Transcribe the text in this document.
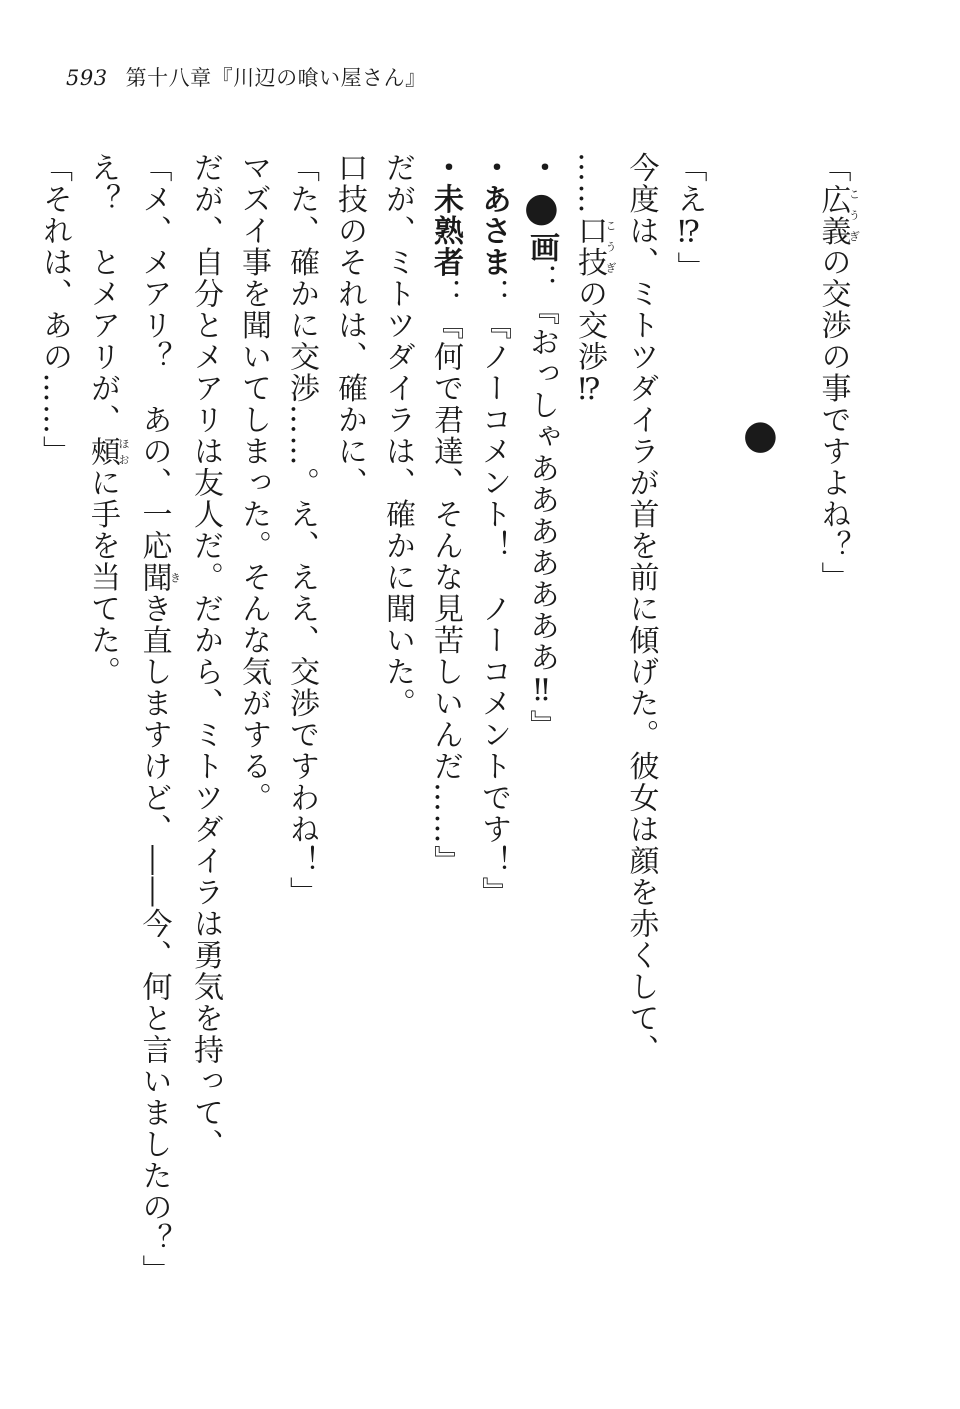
593 第十八章『川辺の喰い屋さん』
「広義こうぎの交渉の事ですよね？」
●
「え⁉」
今度は、ミトツダイラが首を前に傾げた。彼女は顔を赤くして、
……口技こうぎの交渉⁉
・●画：『おっしゃあああああああ‼』
・あさま：『ノーコメント！　ノーコメントです！』
・未熟者：『何で君達、そんな見苦しいんだ……』
だが、ミトツダイラは、確かに聞いた。
口技のそれは、確かに、
「た、確かに交渉……。え、ええ、交渉ですわね！」
マズイ事を聞いてしまった。そんな気がする。
だが、自分とメアリは友人だ。だから、ミトツダイラは勇気を持って、
「メ、メアリ？　あの、一応聞きき直しますけど、――今、何と言いましたの？」
え？　とメアリが、頰ほおに手を当てた。
「それは、あの……」
